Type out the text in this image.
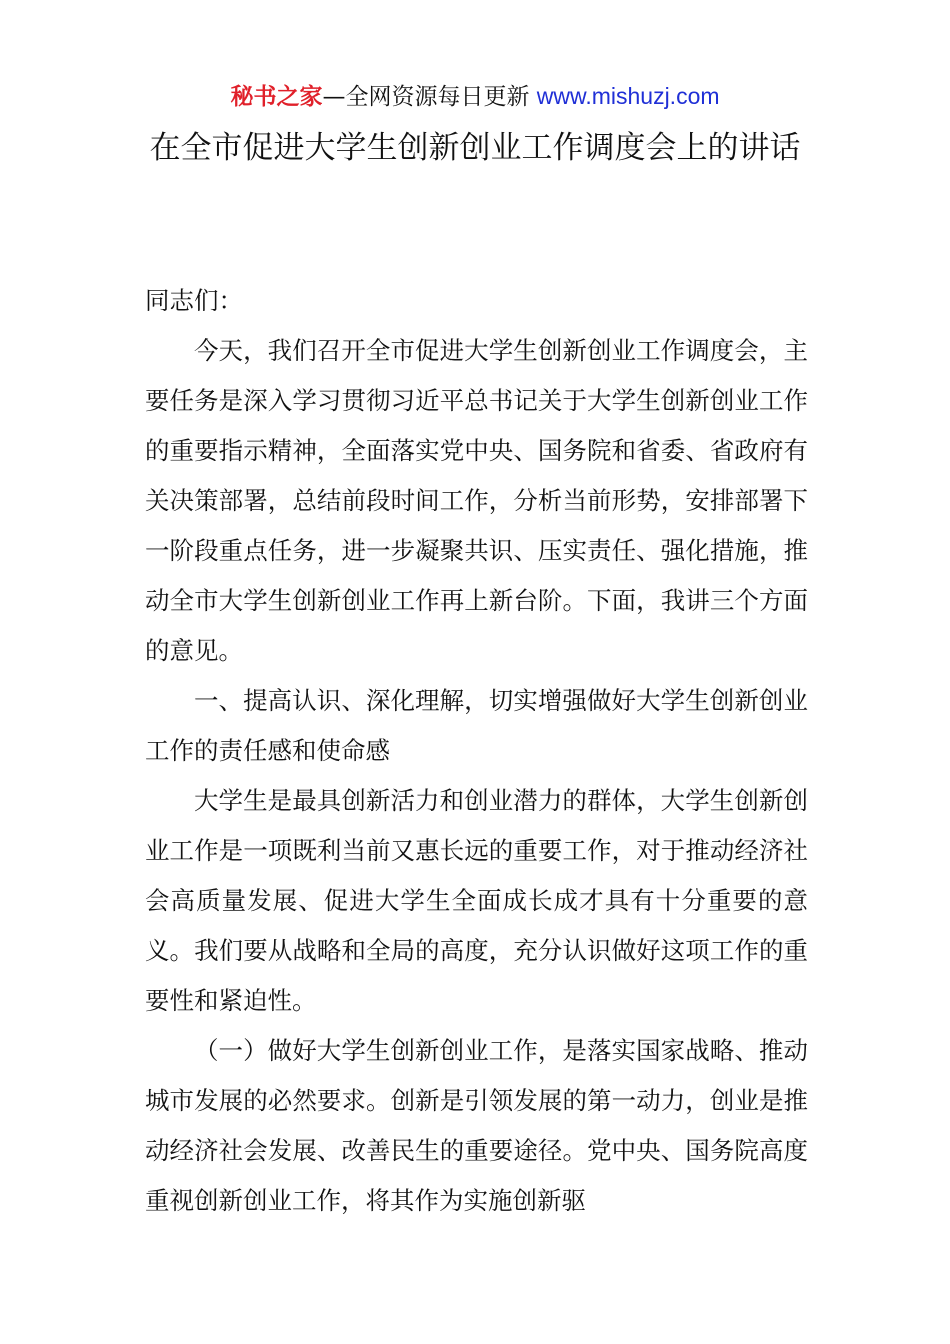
秘书之家—全网资源每日更新 www.mishuzj.com
在全市促进大学生创新创业工作调度会上的讲话

同志们：

今天，我们召开全市促进大学生创新创业工作调度会，主要任务是深入学习贯彻习近平总书记关于大学生创新创业工作的重要指示精神，全面落实党中央、国务院和省委、省政府有关决策部署，总结前段时间工作，分析当前形势，安排部署下一阶段重点任务，进一步凝聚共识、压实责任、强化措施，推动全市大学生创新创业工作再上新台阶。下面，我讲三个方面的意见。

一、提高认识、深化理解，切实增强做好大学生创新创业工作的责任感和使命感

大学生是最具创新活力和创业潜力的群体，大学生创新创业工作是一项既利当前又惠长远的重要工作，对于推动经济社会高质量发展、促进大学生全面成长成才具有十分重要的意义。我们要从战略和全局的高度，充分认识做好这项工作的重要性和紧迫性。

（一）做好大学生创新创业工作，是落实国家战略、推动城市发展的必然要求。创新是引领发展的第一动力，创业是推动经济社会发展、改善民生的重要途径。党中央、国务院高度重视创新创业工作，将其作为实施创新驱
